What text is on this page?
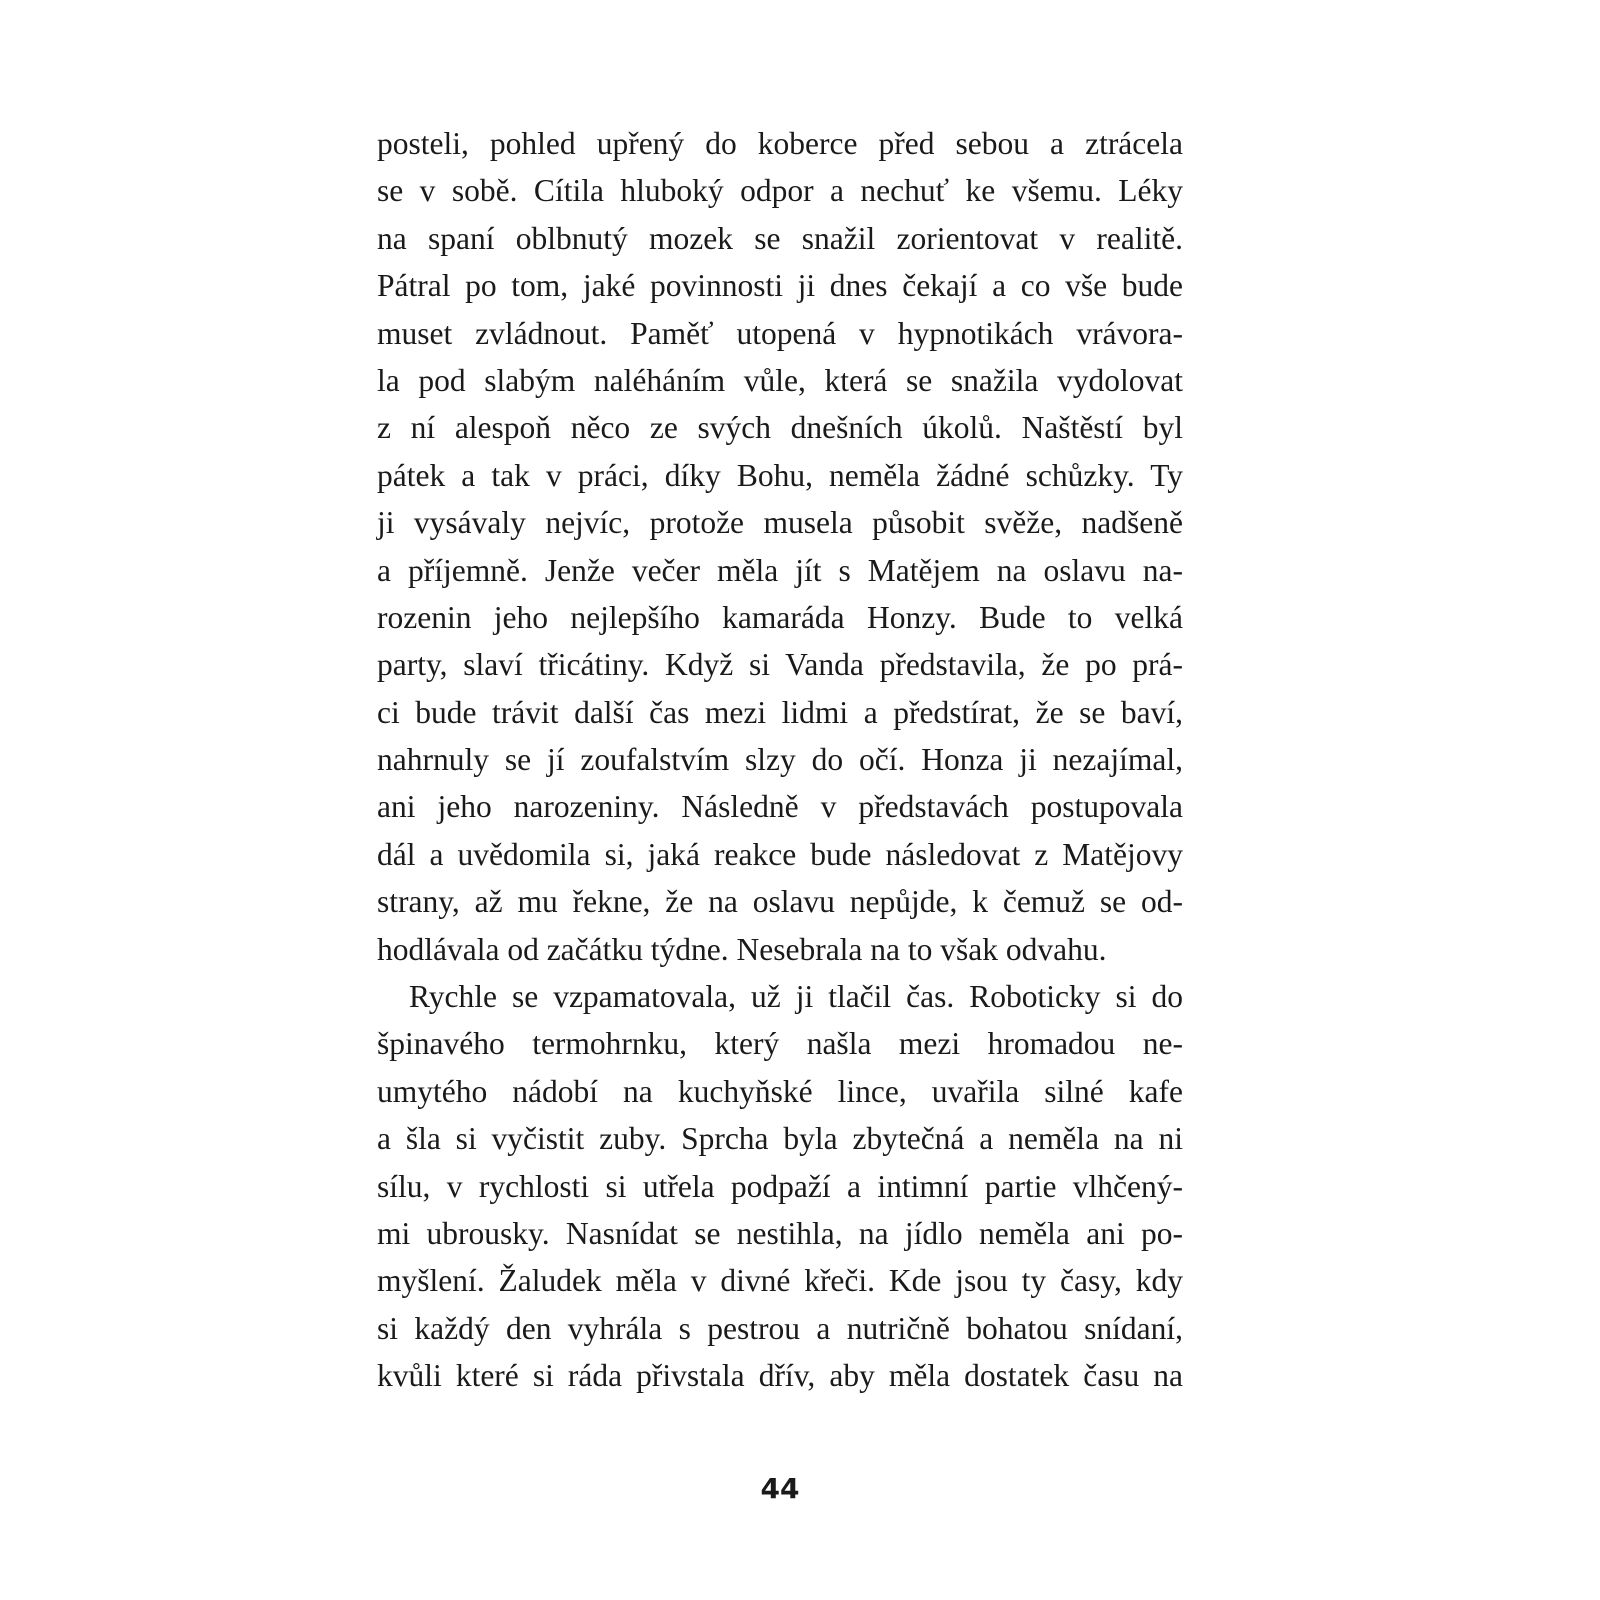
posteli, pohled upřený do koberce před sebou a ztrácela
se v sobě. Cítila hluboký odpor a nechuť ke všemu. Léky
na spaní oblbnutý mozek se snažil zorientovat v realitě.
Pátral po tom, jaké povinnosti ji dnes čekají a co vše bude
muset zvládnout. Paměť utopená v hypnotikách vrávora-
la pod slabým naléháním vůle, která se snažila vydolovat
z ní alespoň něco ze svých dnešních úkolů. Naštěstí byl
pátek a tak v práci, díky Bohu, neměla žádné schůzky. Ty
ji vysávaly nejvíc, protože musela působit svěže, nadšeně
a příjemně. Jenže večer měla jít s Matějem na oslavu na-
rozenin jeho nejlepšího kamaráda Honzy. Bude to velká
party, slaví třicátiny. Když si Vanda představila, že po prá-
ci bude trávit další čas mezi lidmi a předstírat, že se baví,
nahrnuly se jí zoufalstvím slzy do očí. Honza ji nezajímal,
ani jeho narozeniny. Následně v představách postupovala
dál a uvědomila si, jaká reakce bude následovat z Matějovy
strany, až mu řekne, že na oslavu nepůjde, k čemuž se od-
hodlávala od začátku týdne. Nesebrala na to však odvahu.
Rychle se vzpamatovala, už ji tlačil čas. Roboticky si do
špinavého termohrnku, který našla mezi hromadou ne-
umytého nádobí na kuchyňské lince, uvařila silné kafe
a šla si vyčistit zuby. Sprcha byla zbytečná a neměla na ni
sílu, v rychlosti si utřela podpaží a intimní partie vlhčený-
mi ubrousky. Nasnídat se nestihla, na jídlo neměla ani po-
myšlení. Žaludek měla v divné křeči. Kde jsou ty časy, kdy
si každý den vyhrála s pestrou a nutričně bohatou snídaní,
kvůli které si ráda přivstala dřív, aby měla dostatek času na
44
